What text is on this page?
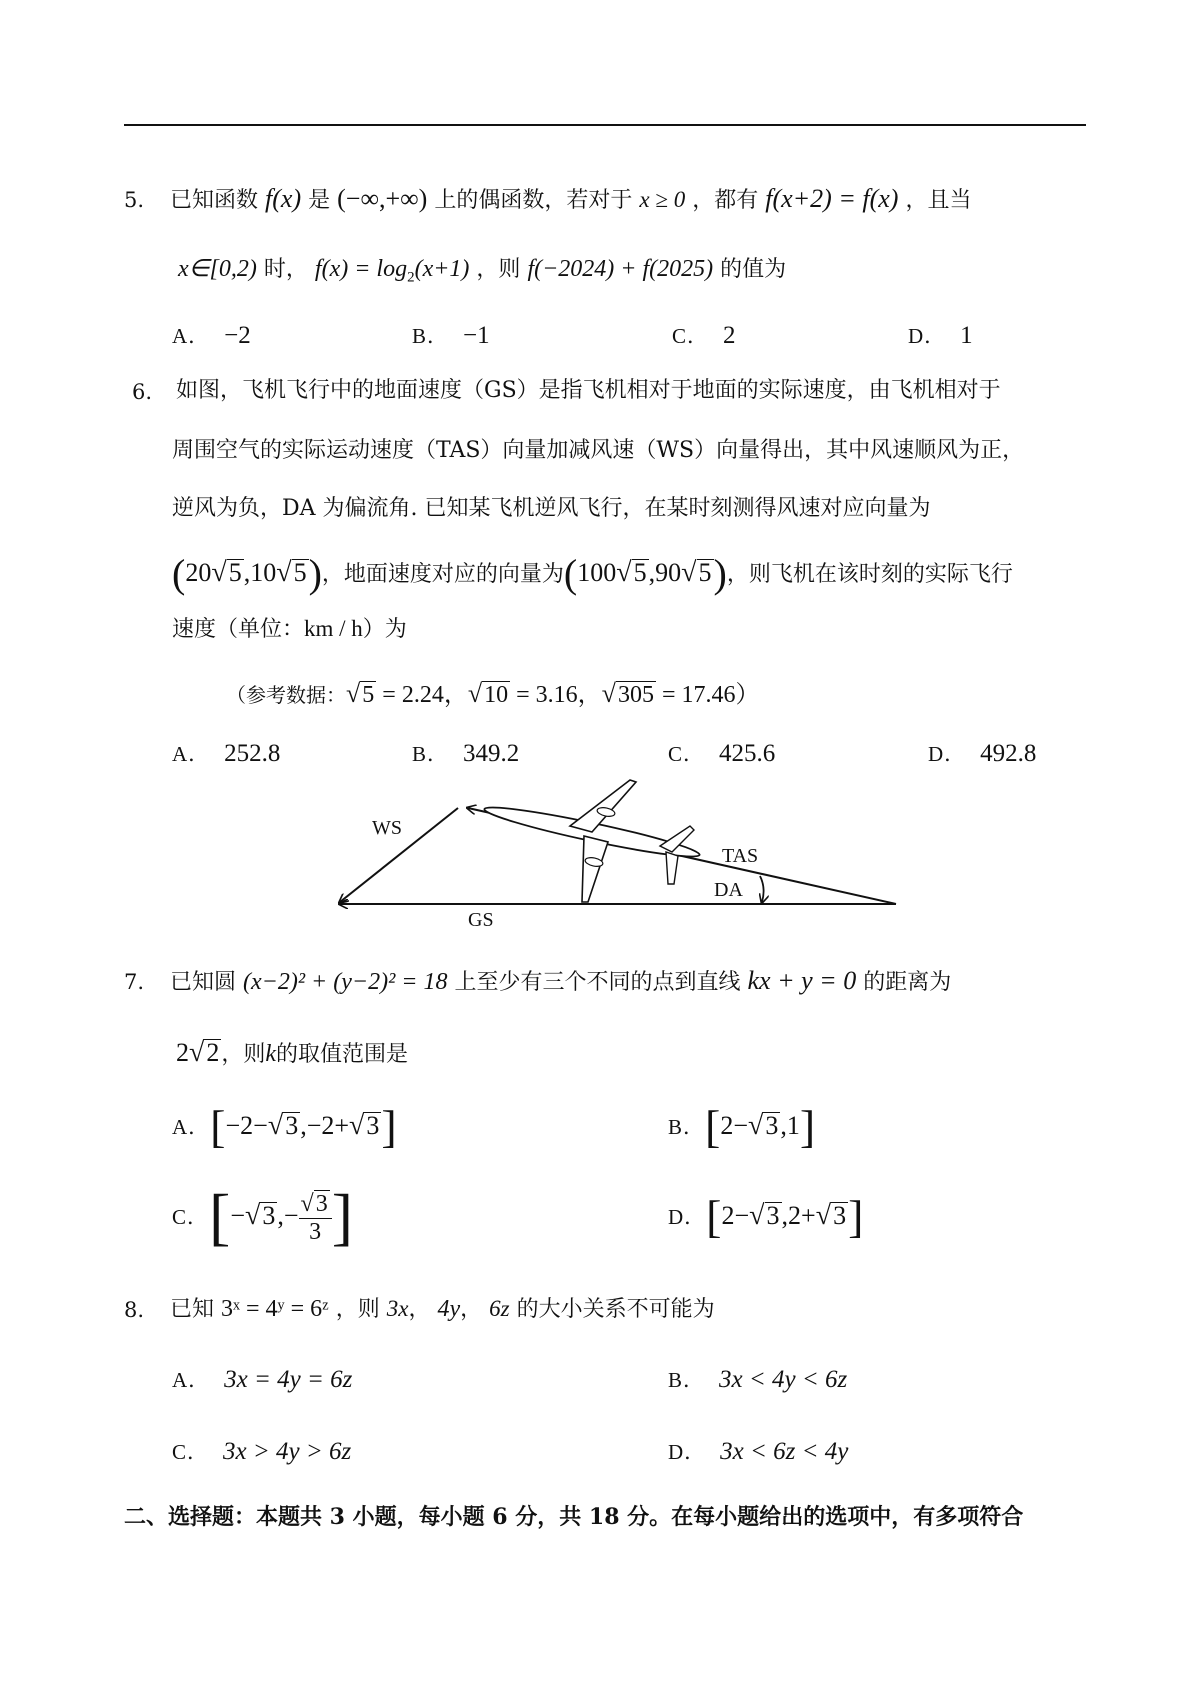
5. 已知函数 f(x) 是 (−∞,+∞) 上的偶函数，若对于 x ≥ 0 ，都有 f(x+2) = f(x) ，且当
x∈[0,2) 时， $f(x) = \log_2(x+1)$ ，则 f(−2024) + f(2025) 的值为
A． −2	B． −1	C． 2	D． 1
6. 如图，飞机飞行中的地面速度（GS）是指飞机相对于地面的实际速度，由飞机相对于
周围空气的实际运动速度（TAS）向量加减风速（WS）向量得出，其中风速顺风为正，
逆风为负，DA 为偏流角. 已知某飞机逆风飞行，在某时刻测得风速对应向量为
(20√5,10√5)，地面速度对应的向量为(100√5,90√5)，则飞机在该时刻的实际飞行
速度（单位：km / h）为
（参考数据：√5 = 2.24，√10 = 3.16，√305 = 17.46）
A． 252.8	B． 349.2	C． 425.6	D． 492.8
WS
TAS
GS
DA
7. 已知圆 (x−2)² + (y−2)² = 18 上至少有三个不同的点到直线 kx + y = 0 的距离为
2√2，则k的取值范围是
A．[−2−√3,−2+√3]	B．[2−√3,1]
C．[$-√3,- \frac{√3}{3}$ ]	D．[2−√3,2+√3]
8. 已知 3ˣ = 4ʸ = 6ᶻ ，则 3x， 4y， 6z 的大小关系不可能为
A． 3x = 4y = 6z	B． 3x < 4y < 6z
C． 3x > 4y > 6z	D． 3x < 6z < 4y
二、选择题：本题共 3 小题，每小题 6 分，共 18 分。在每小题给出的选项中，有多项符合
